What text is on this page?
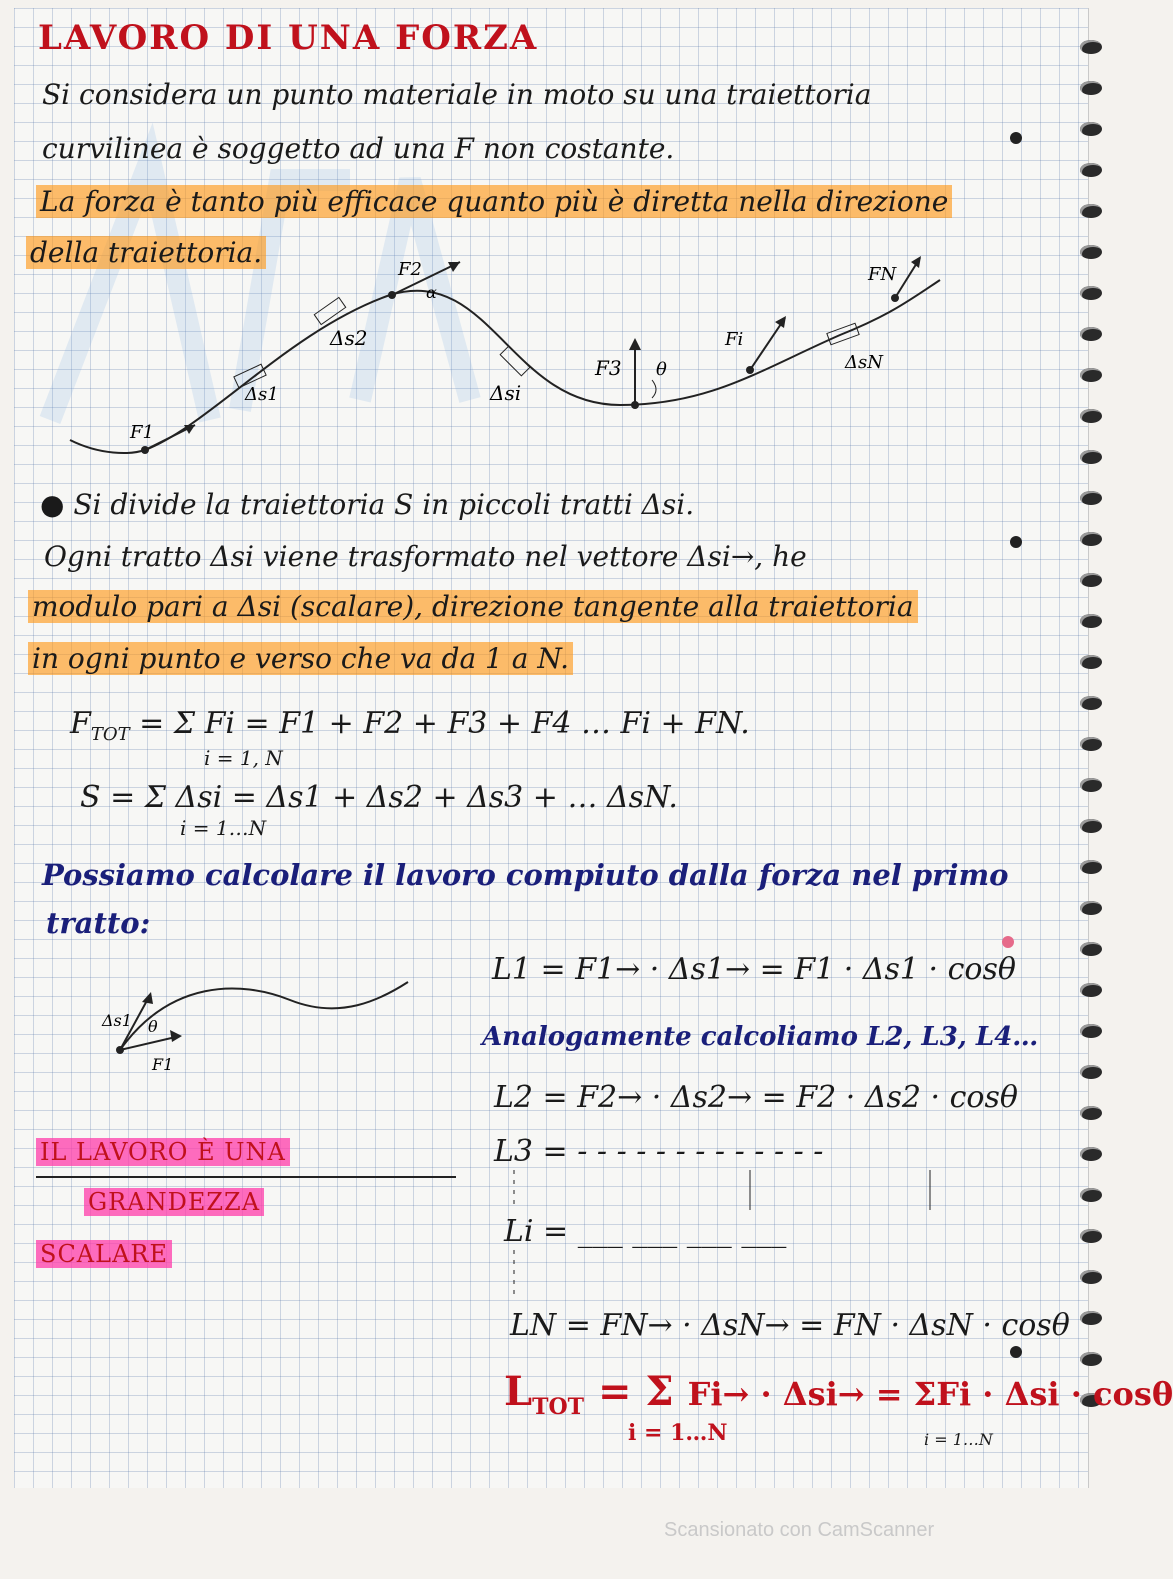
LAVORO DI UNA FORZA
Si considera un punto materiale in moto su una traiettoria
curvilinea è soggetto ad una F non costante.
La forza è tanto più efficace quanto più è diretta nella direzione
della traiettoria.
F1
Δs1
Δs2
F2
α
Δsi
F3 θ
Fi
ΔsN
FN
● Si divide la traiettoria S in piccoli tratti Δsi.
Ogni tratto Δsi viene trasformato nel vettore Δsi→, he
modulo pari a Δsi (scalare), direzione tangente alla traiettoria
in ogni punto e verso che va da 1 a N.
$F_{TOT} = \Sigma$ Fi = F1 + F2 + F3 + F4 … Fi + FN.
i = 1, N
S = Σ Δsi = Δs1 + Δs2 + Δs3 + … ΔsN.
i = 1…N
Possiamo calcolare il lavoro compiuto dalla forza nel primo
tratto:
Δs1 θ
F1
L1 = F1→ · Δs1→ = F1 · Δs1 · cosθ
Analogamente calcoliamo L2, L3, L4…
L2 = F2→ · Δs2→ = F2 · Δs2 · cosθ
L3 = - - - - - - - - - - - - -
Li = ___ ___ ___ ___
LN = FN→ · ΔsN→ = FN · ΔsN · cosθ
IL LAVORO È UNA
GRANDEZZA
SCALARE
$L_{TOT} = \Sigma$ Fi→ · Δsi→ = ΣFi · Δsi · cosθ
i = 1…N	i = 1…N
Scansionato con CamScanner
